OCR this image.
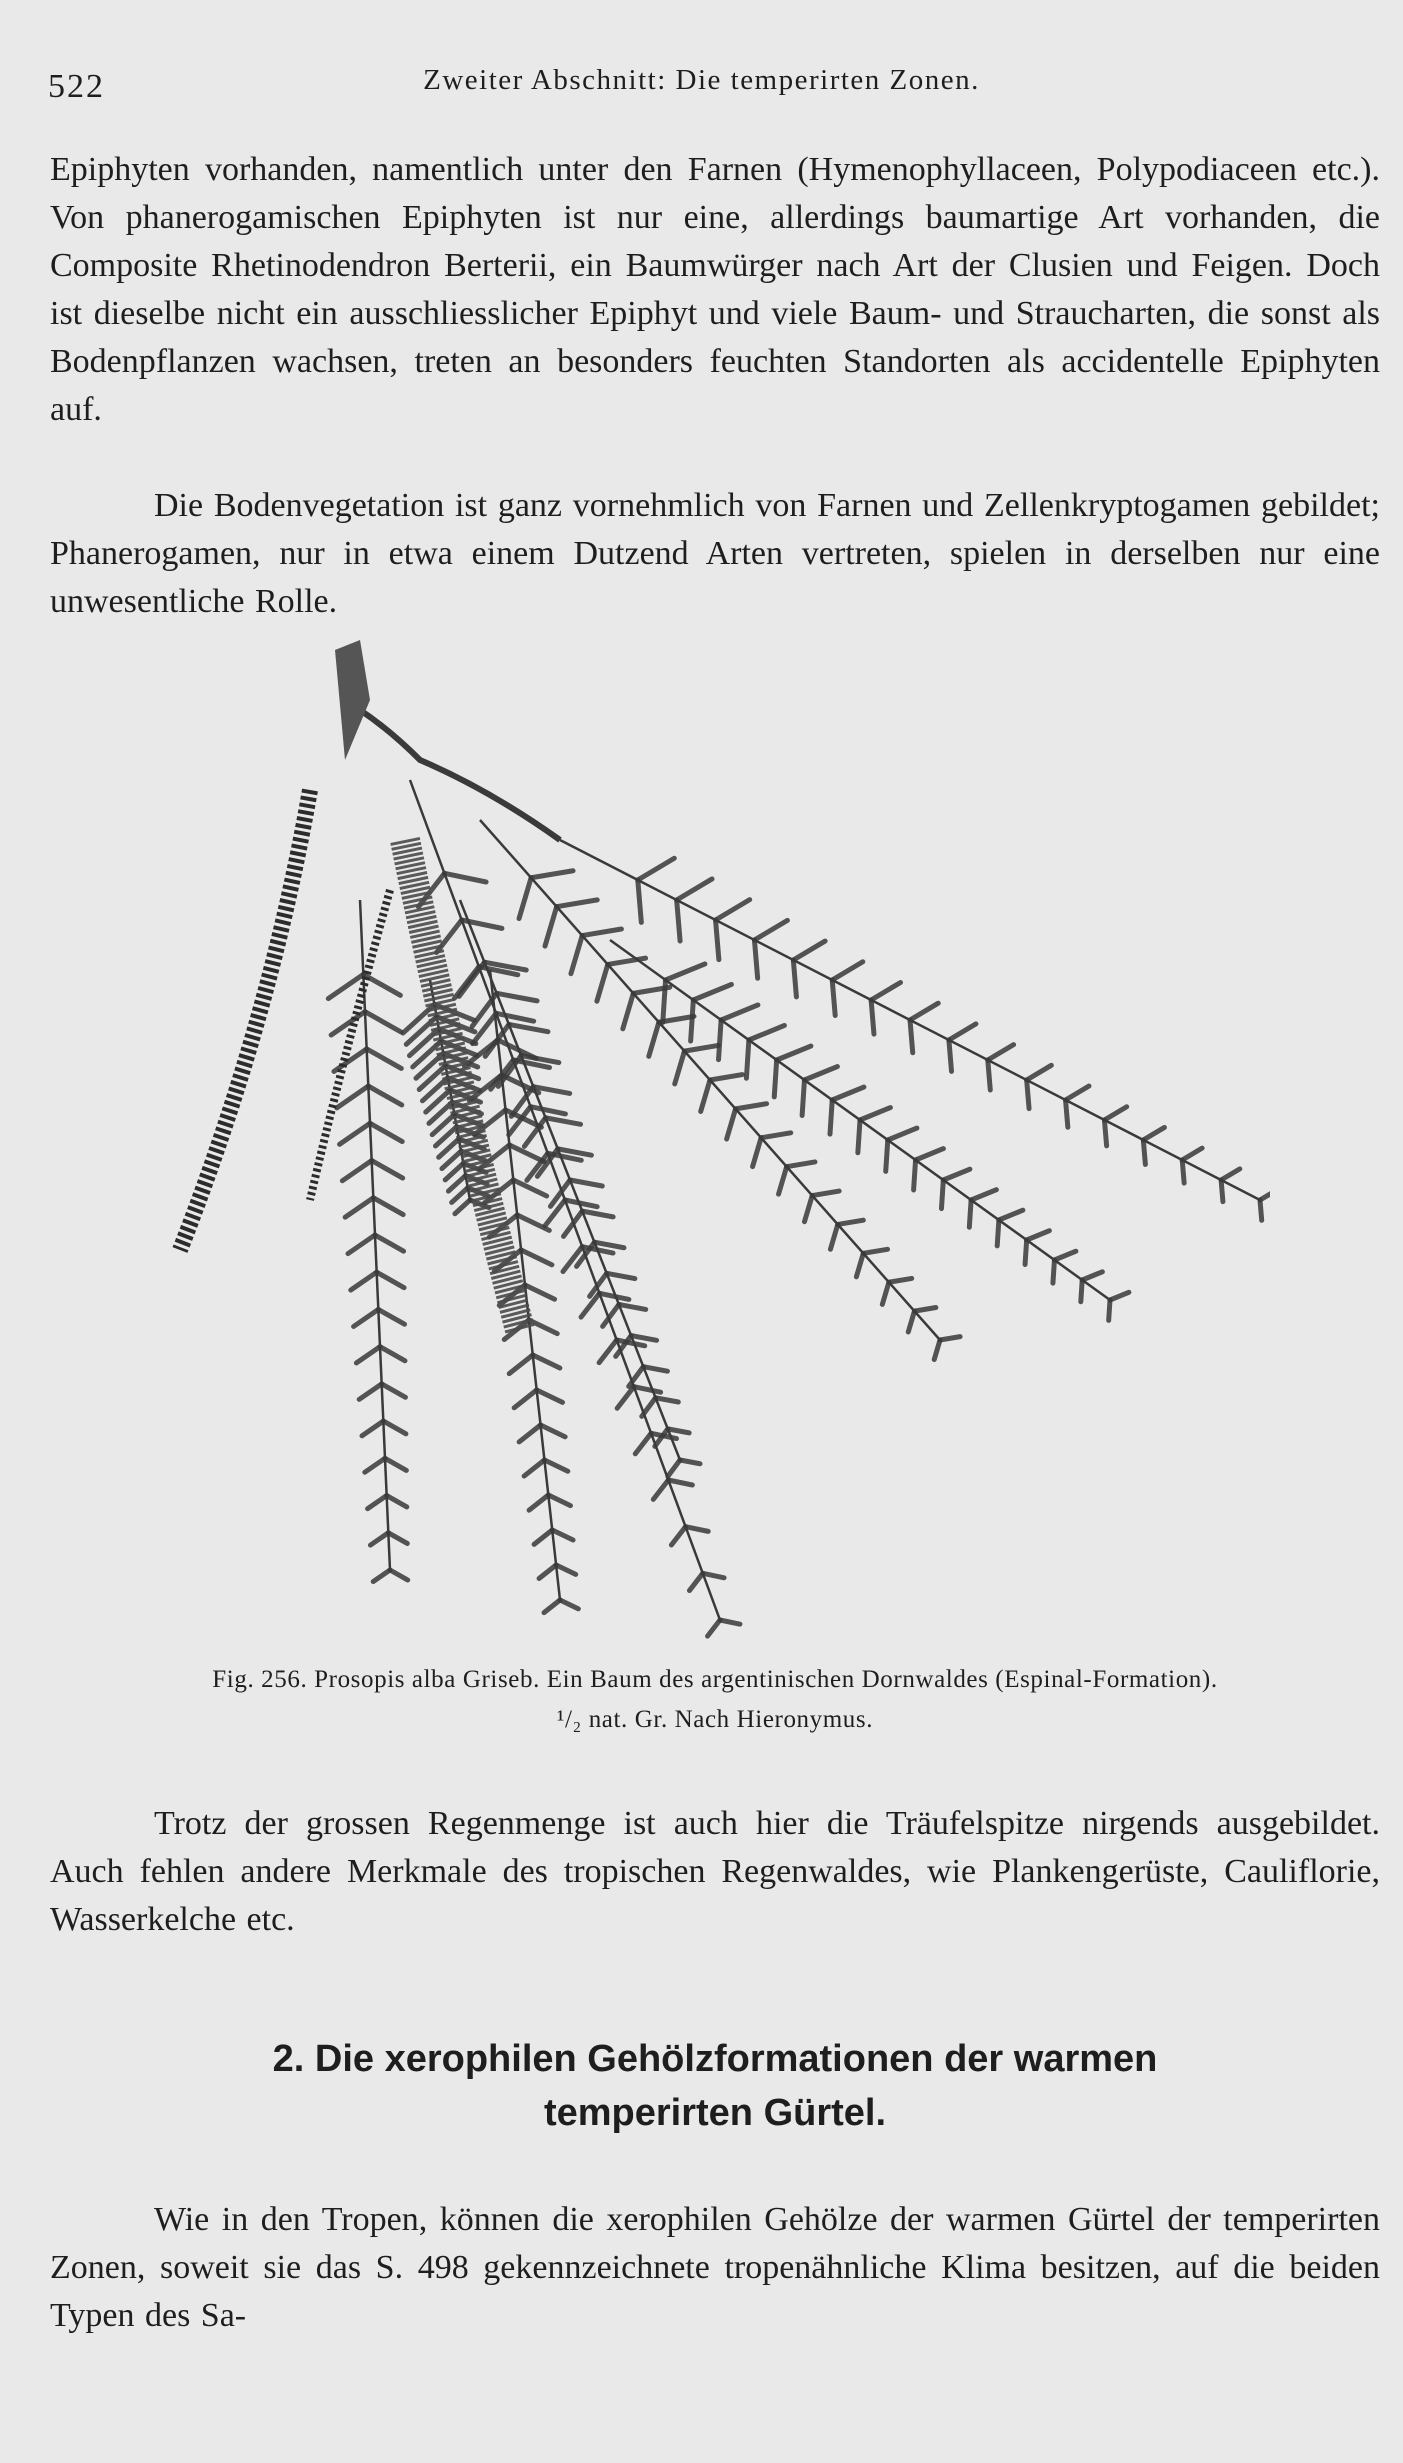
522	Zweiter Abschnitt: Die temperirten Zonen.

Epiphyten vorhanden, namentlich unter den Farnen (Hymenophyllaceen, Polypodiaceen etc.). Von phanerogamischen Epiphyten ist nur eine, allerdings baumartige Art vorhanden, die Composite Rhetinodendron Berterii, ein Baumwürger nach Art der Clusien und Feigen. Doch ist dieselbe nicht ein ausschliesslicher Epiphyt und viele Baum- und Straucharten, die sonst als Bodenpflanzen wachsen, treten an besonders feuchten Standorten als accidentelle Epiphyten auf.

Die Bodenvegetation ist ganz vornehmlich von Farnen und Zellenkryptogamen gebildet; Phanerogamen, nur in etwa einem Dutzend Arten vertreten, spielen in derselben nur eine unwesentliche Rolle.

Fig. 256. Prosopis alba Griseb. Ein Baum des argentinischen Dornwaldes (Espinal-Formation).
¹/₂ nat. Gr. Nach Hieronymus.

Trotz der grossen Regenmenge ist auch hier die Träufelspitze nirgends ausgebildet. Auch fehlen andere Merkmale des tropischen Regenwaldes, wie Plankengerüste, Cauliflorie, Wasserkelche etc.

2. Die xerophilen Gehölzformationen der warmen
temperirten Gürtel.

Wie in den Tropen, können die xerophilen Gehölze der warmen Gürtel der temperirten Zonen, soweit sie das S. 498 gekennzeichnete tropenähnliche Klima besitzen, auf die beiden Typen des Sa-
